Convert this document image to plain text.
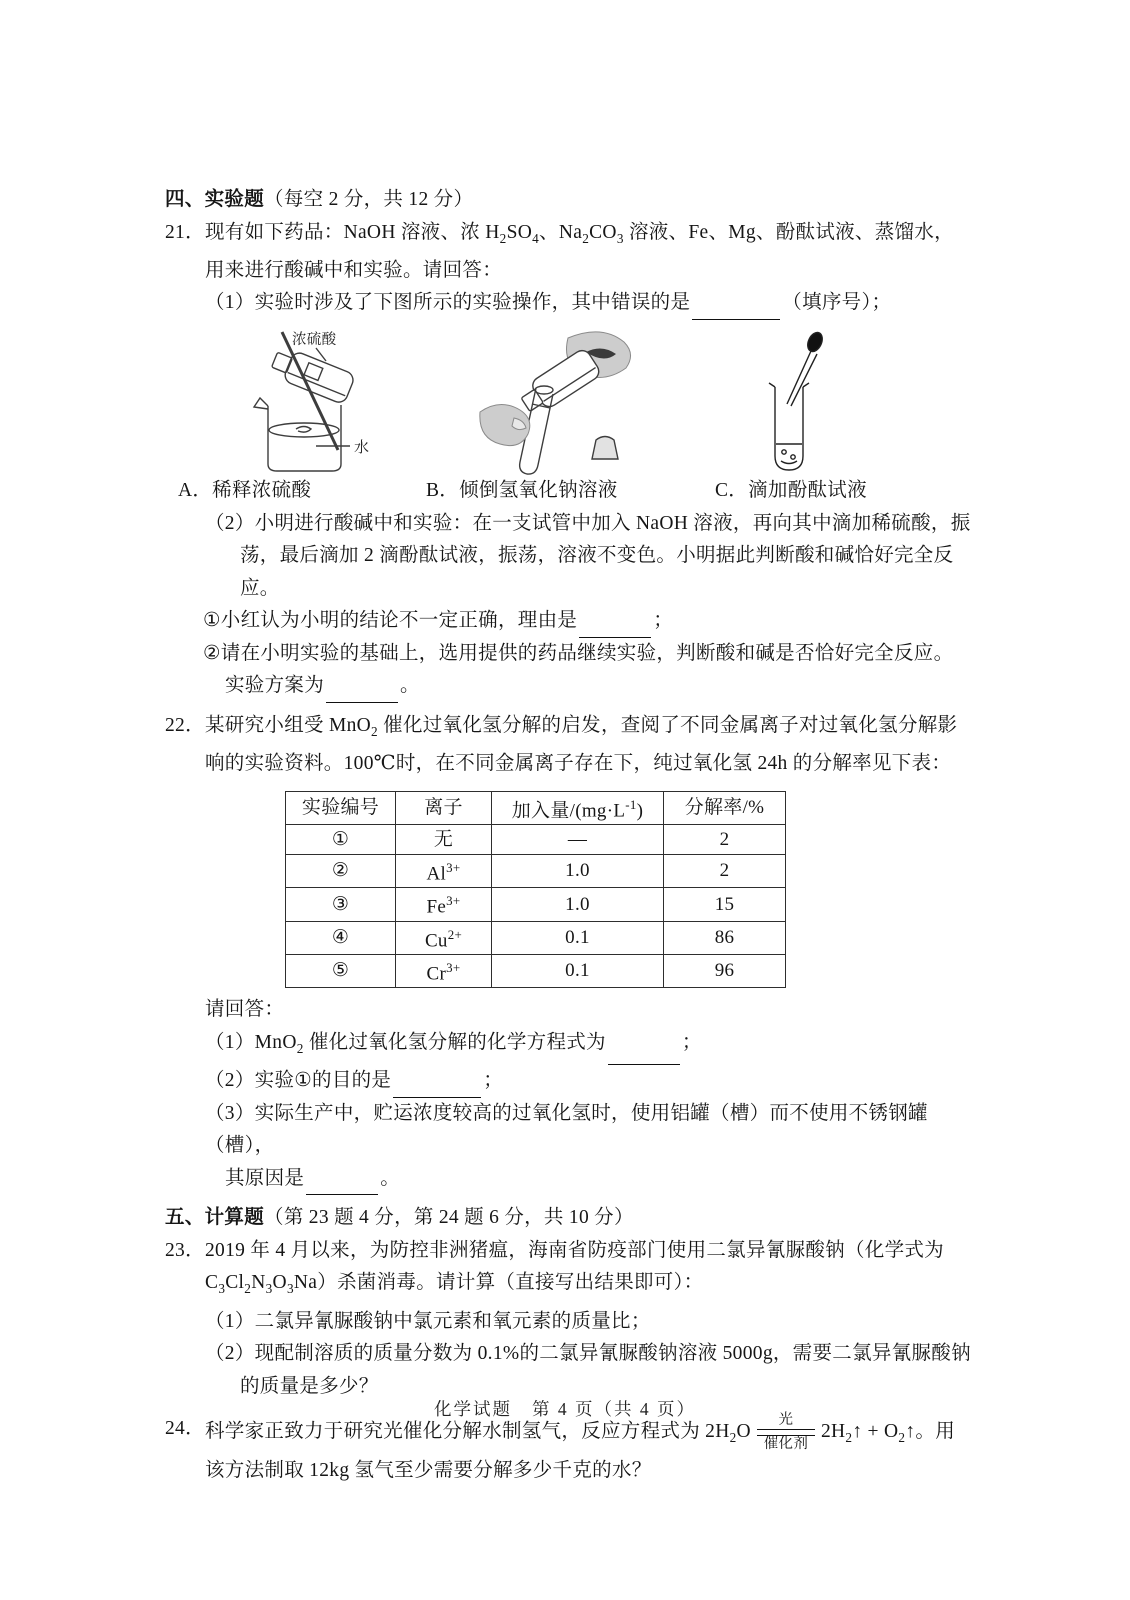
四、实验题（每空 2 分，共 12 分）
21． 现有如下药品：NaOH 溶液、浓 $H_2SO_4$、$Na_2CO_3$ 溶液、Fe、Mg、酚酞试液、蒸馏水，用来进行酸碱中和实验。请回答：
（1）实验时涉及了下图所示的实验操作，其中错误的是	（填序号）；
浓硫酸
水
A．稀释浓硫酸	B．倾倒氢氧化钠溶液	C．滴加酚酞试液
（2）小明进行酸碱中和实验：在一支试管中加入 NaOH 溶液，再向其中滴加稀硫酸，振荡，最后滴加 2 滴酚酞试液，振荡，溶液不变色。小明据此判断酸和碱恰好完全反应。
①小红认为小明的结论不一定正确，理由是	；
②请在小明实验的基础上，选用提供的药品继续实验，判断酸和碱是否恰好完全反应。
实验方案为	。
22． 某研究小组受 MnO$_2$ 催化过氧化氢分解的启发，查阅了不同金属离子对过氧化氢分解影响的实验资料。100℃时，在不同金属离子存在下，纯过氧化氢 24h 的分解率见下表：
实验编号	离子	加入量$/(mg\cdot L^{-1})$	分解率/%
①	无	—	2
②	$Al^{3+}$	1.0	2
③	$Fe^{3+}$	1.0	15
④	$Cu^{2+}$	0.1	86
⑤	$Cr^{3+}$	0.1	96
请回答：
（1）MnO$_2$ 催化过氧化氢分解的化学方程式为	；
（2）实验①的目的是	；
（3）实际生产中，贮运浓度较高的过氧化氢时，使用铝罐（槽）而不使用不锈钢罐（槽），
其原因是	。
五、计算题（第 23 题 4 分，第 24 题 6 分，共 10 分）
23． 2019 年 4 月以来，为防控非洲猪瘟，海南省防疫部门使用二氯异氰脲酸钠（化学式为 $C_3Cl_2N_3O_3Na$）杀菌消毒。请计算（直接写出结果即可）：
（1）二氯异氰脲酸钠中氯元素和氧元素的质量比；
（2）现配制溶质的质量分数为 0.1%的二氯异氰脲酸钠溶液 5000g，需要二氯异氰脲酸钠的质量是多少？
24． 科学家正致力于研究光催化分解水制氢气，反应方程式为 $2H_2O$
光
催化剂
$2H_2↑$ + $O_2↑$。用该方法制取 12kg 氢气至少需要分解多少千克的水？
化学试题 第 4 页（共 4 页）
